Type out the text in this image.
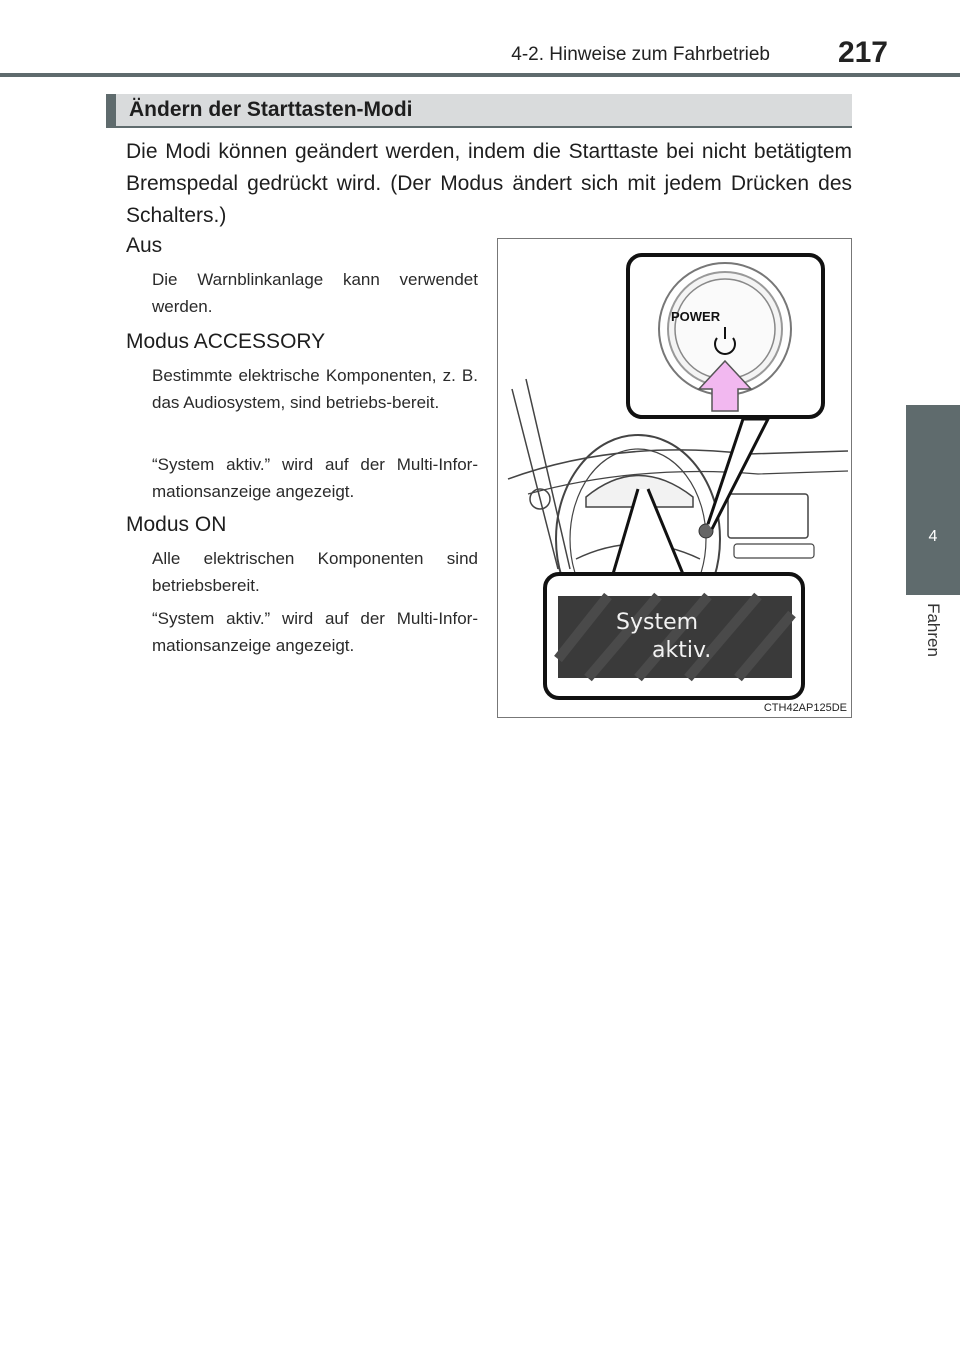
4-2. Hinweise zum Fahrbetrieb 217
4
Fahren
Ändern der Starttasten-Modi

Die Modi können geändert werden, indem die Starttaste bei nicht betätigtem Bremspedal gedrückt wird. (Der Modus ändert sich mit jedem Drücken des Schalters.)

Aus

Die Warnblinkanlage kann verwendet werden.

Modus ACCESSORY

Bestimmte elektrische Komponenten, z. B. das Audiosystem, sind betriebs-bereit.

“System aktiv.” wird auf der Multi-Infor-mationsanzeige angezeigt.

Modus ON

Alle elektrischen Komponenten sind betriebsbereit.

“System aktiv.” wird auf der Multi-Infor-mationsanzeige angezeigt.

POWER
System
aktiv.
CTH42AP125DE
